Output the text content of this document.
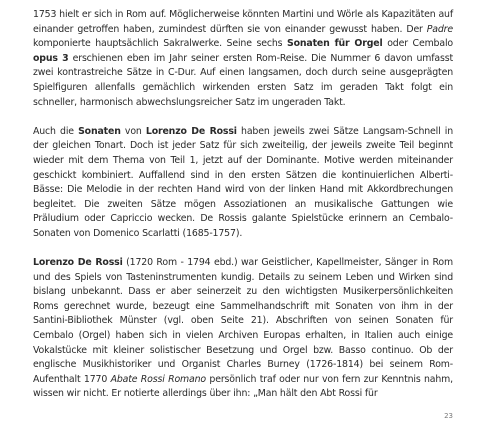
1753 hielt er sich in Rom auf. Möglicherweise könnten Martini und Wörle als Kapazitäten auf einander getroffen haben, zumindest dürften sie von einander gewusst haben. Der Padre komponierte hauptsächlich Sakralwerke. Seine sechs Sonaten für Orgel oder Cembalo opus 3 erschienen eben im Jahr seiner ersten Rom-Reise. Die Nummer 6 davon umfasst zwei kontrastreiche Sätze in C-Dur. Auf einen langsamen, doch durch seine ausgeprägten Spielfiguren allenfalls gemächlich wirkenden ersten Satz im geraden Takt folgt ein schneller, harmonisch abwechslungsreicher Satz im ungeraden Takt.

Auch die Sonaten von Lorenzo De Rossi haben jeweils zwei Sätze Langsam-Schnell in der gleichen Tonart. Doch ist jeder Satz für sich zweiteilig, der jeweils zweite Teil beginnt wieder mit dem Thema von Teil 1, jetzt auf der Dominante. Motive werden miteinander geschickt kombiniert. Auffallend sind in den ersten Sätzen die kontinuierlichen Alberti-Bässe: Die Melodie in der rechten Hand wird von der linken Hand mit Akkordbrechungen begleitet. Die zweiten Sätze mögen Assoziationen an musikalische Gattungen wie Präludium oder Capriccio wecken. De Rossis galante Spielstücke erinnern an Cembalo-Sonaten von Domenico Scarlatti (1685-1757).

Lorenzo De Rossi (1720 Rom - 1794 ebd.) war Geistlicher, Kapellmeister, Sänger in Rom und des Spiels von Tasteninstrumenten kundig. Details zu seinem Leben und Wirken sind bislang unbekannt. Dass er aber seinerzeit zu den wichtigsten Musikerpersönlichkeiten Roms gerechnet wurde, bezeugt eine Sammelhandschrift mit Sonaten von ihm in der Santini-Bibliothek Münster (vgl. oben Seite 21). Abschriften von seinen Sonaten für Cembalo (Orgel) haben sich in vielen Archiven Europas erhalten, in Italien auch einige Vokalstücke mit kleiner solistischer Besetzung und Orgel bzw. Basso continuo. Ob der englische Musikhistoriker und Organist Charles Burney (1726-1814) bei seinem Rom-Aufenthalt 1770 Abate Rossi Romano persönlich traf oder nur von fern zur Kenntnis nahm, wissen wir nicht. Er notierte allerdings über ihn: „Man hält den Abt Rossi für

23
